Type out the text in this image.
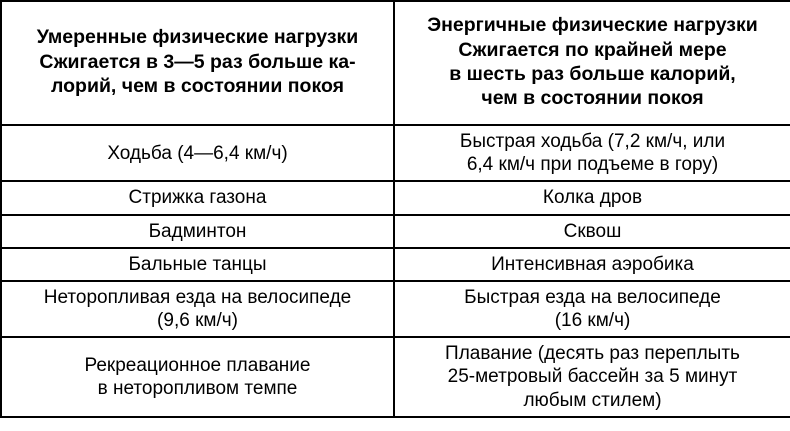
Умеренные физические нагрузки
Сжигается в 3—5 раз больше ка-
лорий, чем в состоянии покоя	Энергичные физические нагрузки
Сжигается по крайней мере
в шесть раз больше калорий,
чем в состоянии покоя

Ходьба (4—6,4 км/ч)	Быстрая ходьба (7,2 км/ч, или
6,4 км/ч при подъеме в гору)

Стрижка газона	Колка дров
Бадминтон	Сквош
Бальные танцы	Интенсивная аэробика

Неторопливая езда на велосипеде
(9,6 км/ч)	Быстрая езда на велосипеде
(16 км/ч)

Рекреационное плавание
в неторопливом темпе	Плавание (десять раз переплыть
25-метровый бассейн за 5 минут
любым стилем)
